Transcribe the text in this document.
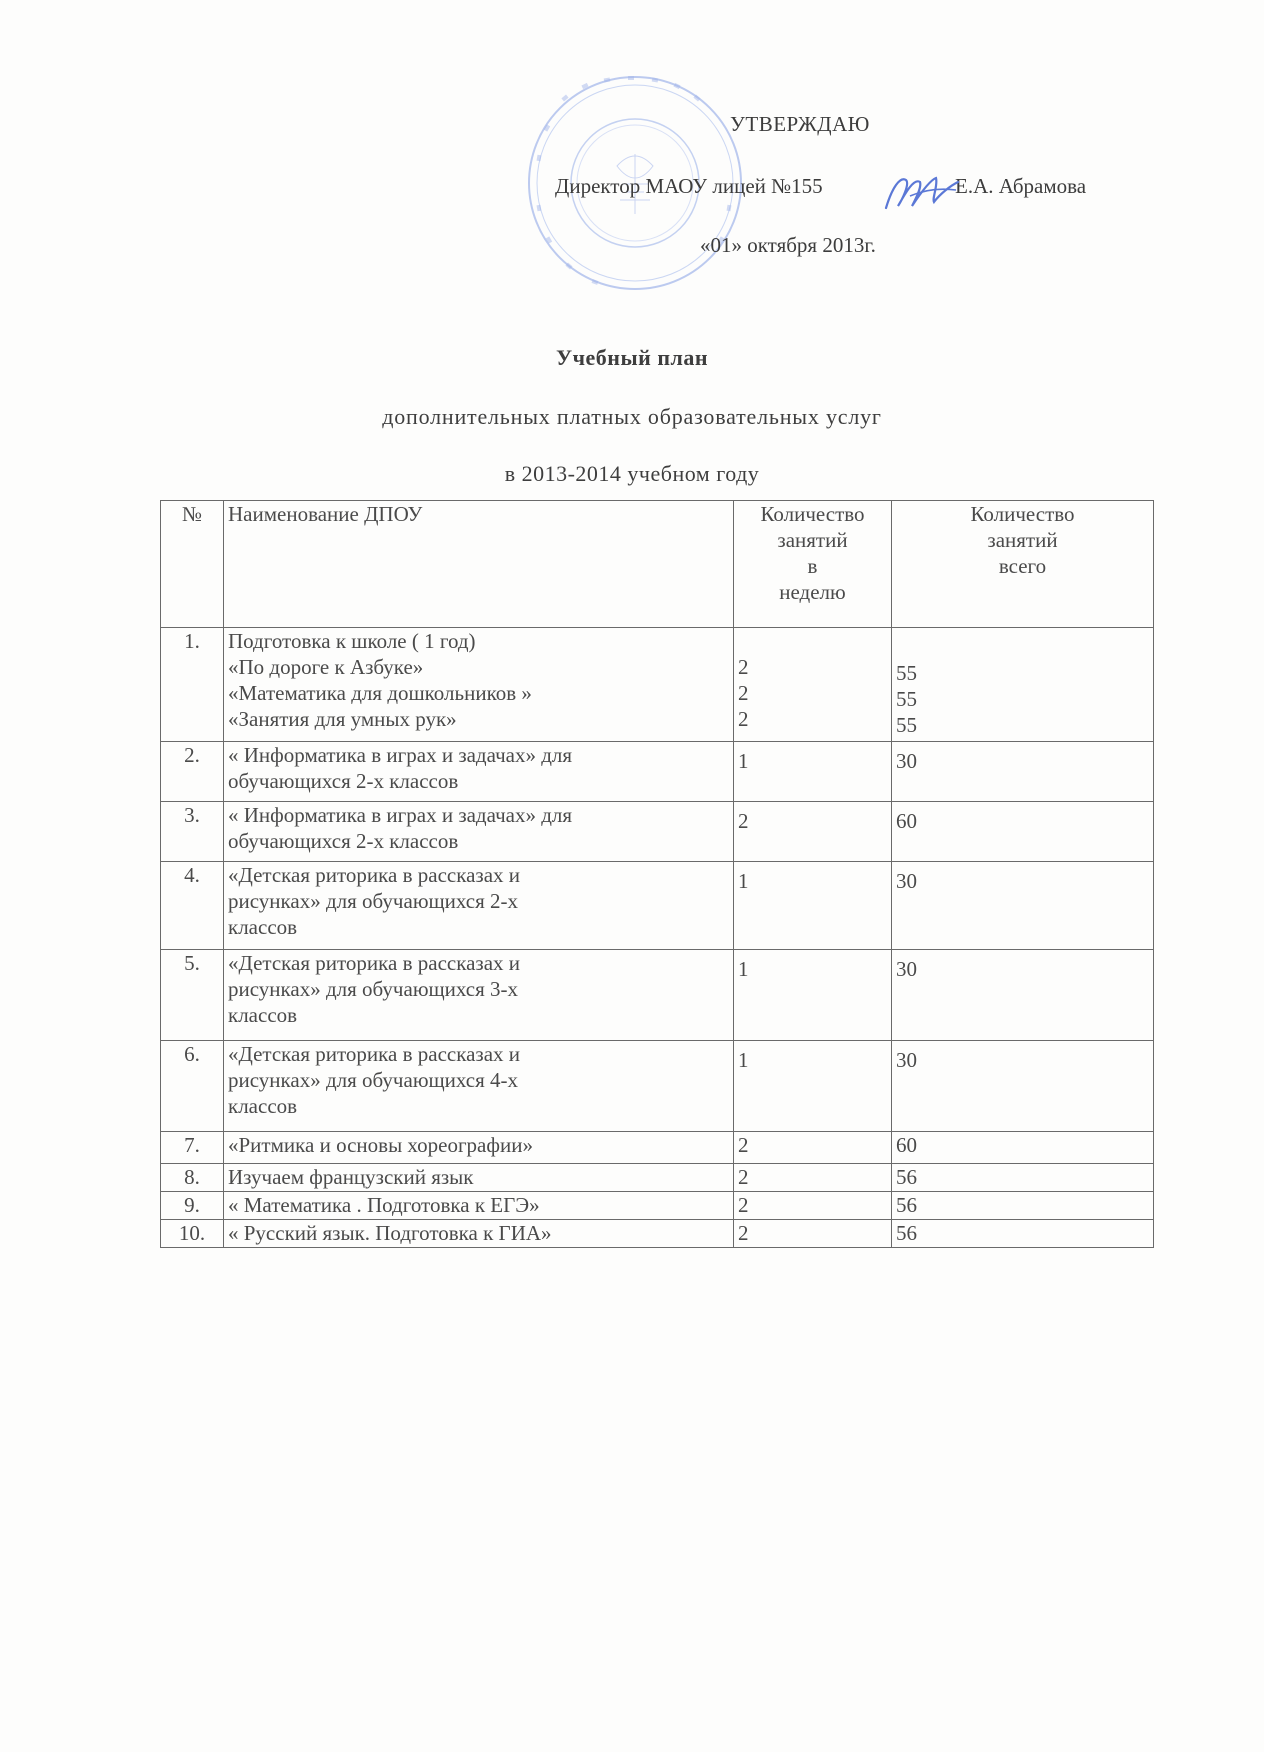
УТВЕРЖДАЮ
Директор МАОУ лицей №155	Е.А. Абрамова
«01» октября 2013г.
Учебный план
дополнительных платных образовательных услуг
в 2013-2014 учебном году
№	Наименование ДПОУ	Количество
занятий
в
неделю	Количество
занятий
всего

1.	Подготовка к школе ( 1 год)
«По дороге к Азбуке»
«Математика для дошкольников »
«Занятия для умных рук»	2
2
2	55
55
55

2.	« Информатика в играх и задачах» для
обучающихся 2-х классов	1	30

3.	« Информатика в играх и задачах» для
обучающихся 2-х классов	2	60

4.	«Детская риторика в рассказах и
рисунках» для обучающихся 2-х
классов	1	30

5.	«Детская риторика в рассказах и
рисунках» для обучающихся 3-х
классов	1	30

6.	«Детская риторика в рассказах и
рисунках» для обучающихся 4-х
классов	1	30

7.	«Ритмика и основы хореографии»	2	60

8.	Изучаем французский язык	2	56

9.	« Математика . Подготовка к ЕГЭ»	2	56

10.	« Русский язык. Подготовка к ГИА»	2	56
